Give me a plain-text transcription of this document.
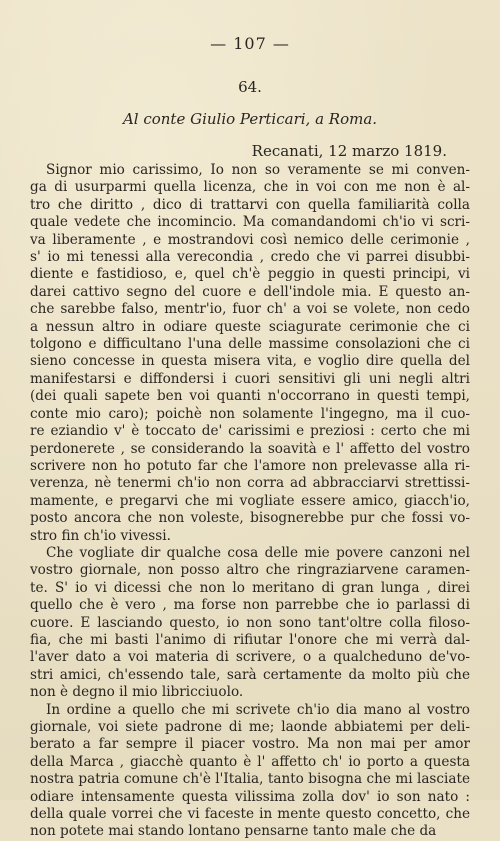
— 107 —
64.
Al conte Giulio Perticari, a Roma.
Recanati, 12 marzo 1819.
Signor mio carissimo, Io non so veramente se mi conven-
ga di usurparmi quella licenza, che in voi con me non è al-
tro che diritto , dico di trattarvi con quella familiarità colla
quale vedete che incomincio. Ma comandandomi ch'io vi scri-
va liberamente , e mostrandovi così nemico delle cerimonie ,
s' io mi tenessi alla verecondia , credo che vi parrei disubbi-
diente e fastidioso, e, quel ch'è peggio in questi principi, vi
darei cattivo segno del cuore e dell'indole mia. E questo an-
che sarebbe falso, mentr'io, fuor ch' a voi se volete, non cedo
a nessun altro in odiare queste sciagurate cerimonie che ci
tolgono e difficultano l'una delle massime consolazioni che ci
sieno concesse in questa misera vita, e voglio dire quella del
manifestarsi e diffondersi i cuori sensitivi gli uni negli altri
(dei quali sapete ben voi quanti n'occorrano in questi tempi,
conte mio caro); poichè non solamente l'ingegno, ma il cuo-
re eziandio v' è toccato de' carissimi e preziosi : certo che mi
perdonerete , se considerando la soavità e l' affetto del vostro
scrivere non ho potuto far che l'amore non prelevasse alla ri-
verenza, nè tenermi ch'io non corra ad abbracciarvi strettissi-
mamente, e pregarvi che mi vogliate essere amico, giacch'io,
posto ancora che non voleste, bisognerebbe pur che fossi vo-
stro fin ch'io vivessi.
Che vogliate dir qualche cosa delle mie povere canzoni nel
vostro giornale, non posso altro che ringraziarvene caramen-
te. S' io vi dicessi che non lo meritano di gran lunga , direi
quello che è vero , ma forse non parrebbe che io parlassi di
cuore. E lasciando questo, io non sono tant'oltre colla filoso-
fia, che mi basti l'animo di rifiutar l'onore che mi verrà dal-
l'aver dato a voi materia di scrivere, o a qualcheduno de'vo-
stri amici, ch'essendo tale, sarà certamente da molto più che
non è degno il mio libricciuolo.
In ordine a quello che mi scrivete ch'io dia mano al vostro
giornale, voi siete padrone di me; laonde abbiatemi per deli-
berato a far sempre il piacer vostro. Ma non mai per amor
della Marca , giacchè quanto è l' affetto ch' io porto a questa
nostra patria comune ch'è l'Italia, tanto bisogna che mi lasciate
odiare intensamente questa vilissima zolla dov' io son nato :
della quale vorrei che vi faceste in mente questo concetto, che
non potete mai stando lontano pensarne tanto male che da
